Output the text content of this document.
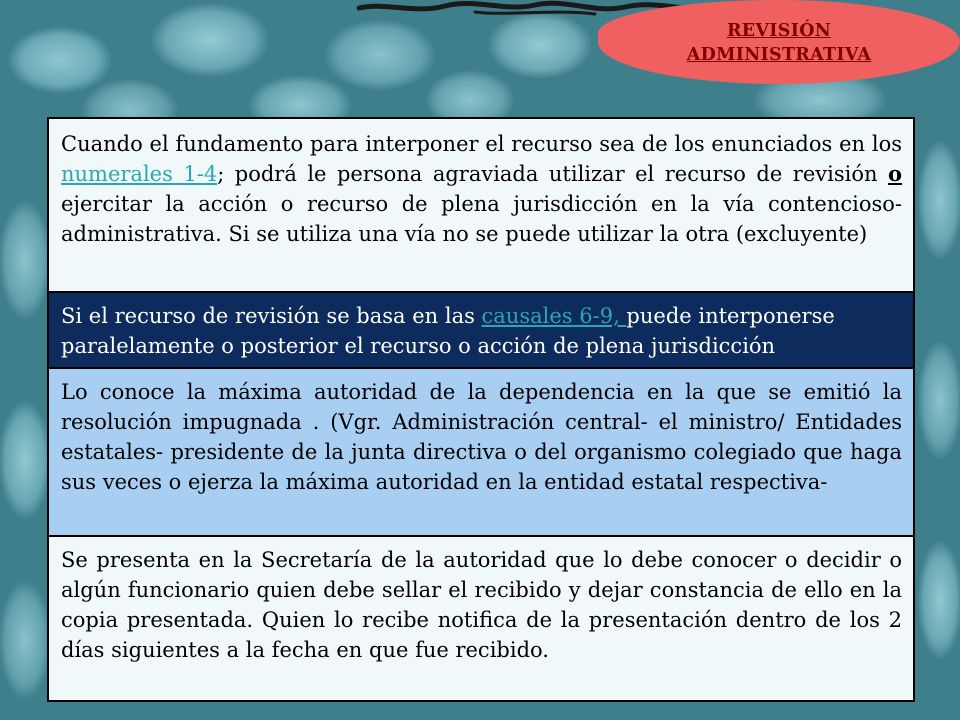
REVISIÓN
ADMINISTRATIVA

Cuando el fundamento para interponer el recurso sea de los enunciados en los numerales 1-4; podrá le persona agraviada utilizar el recurso de revisión o ejercitar la acción o recurso de plena jurisdicción en la vía contencioso- administrativa. Si se utiliza una vía no se puede utilizar la otra (excluyente)

Si el recurso de revisión se basa en las causales 6-9, puede interponerse paralelamente o posterior el recurso o acción de plena jurisdicción

Lo conoce la máxima autoridad de la dependencia en la que se emitió la resolución impugnada . (Vgr. Administración central- el ministro/ Entidades estatales- presidente de la junta directiva o del organismo colegiado que haga sus veces o ejerza la máxima autoridad en la entidad estatal respectiva-

Se presenta en la Secretaría de la autoridad que lo debe conocer o decidir o algún funcionario quien debe sellar el recibido y dejar constancia de ello en la copia presentada. Quien lo recibe notifica de la presentación dentro de los 2 días siguientes a la fecha en que fue recibido.
